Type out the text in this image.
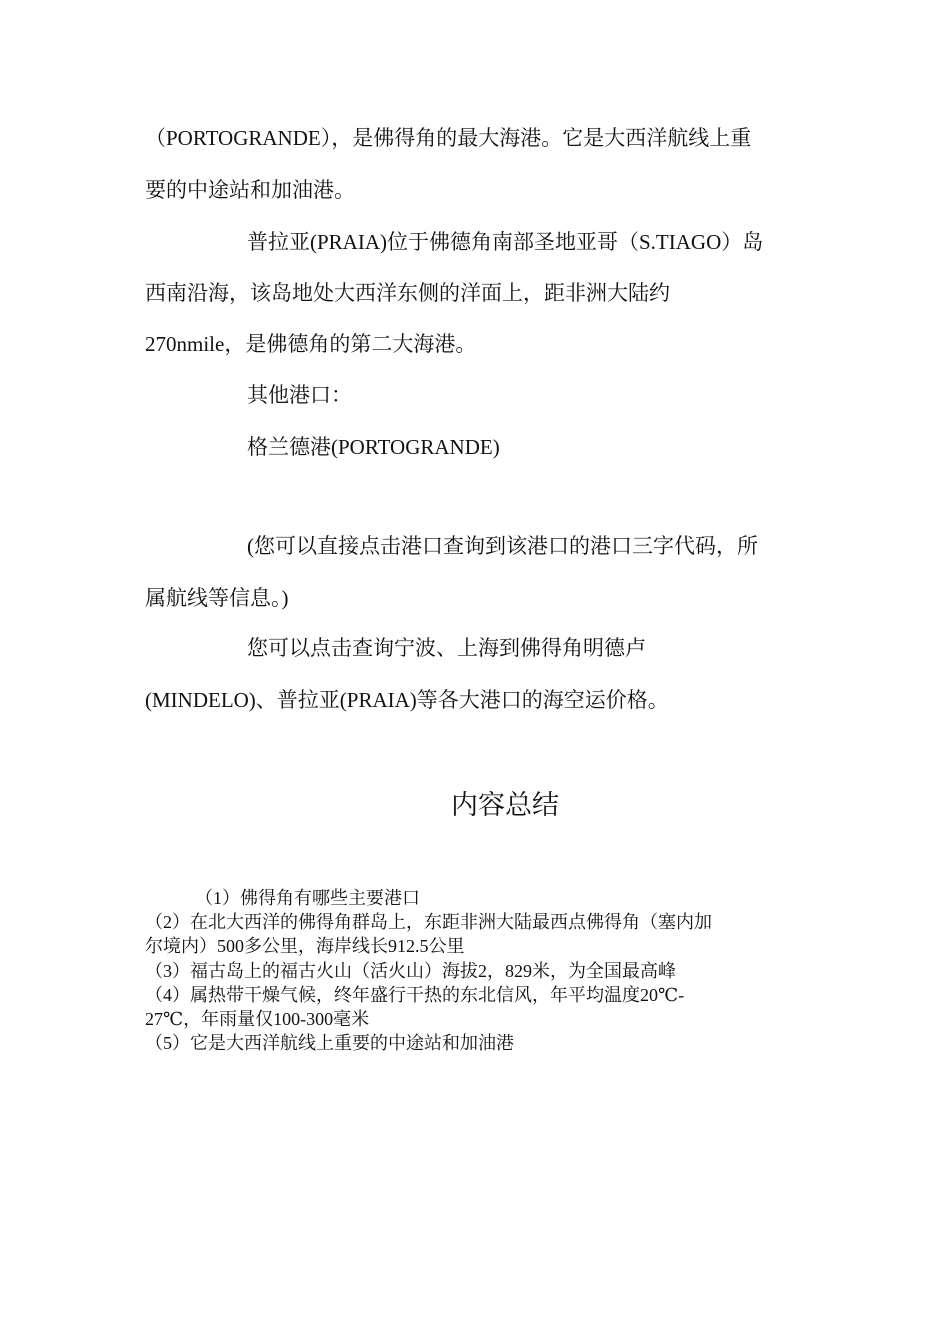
（PORTOGRANDE），是佛得角的最大海港。它是大西洋航线上重
要的中途站和加油港。
普拉亚(PRAIA)位于佛德角南部圣地亚哥（S.TIAGO）岛
西南沿海，该岛地处大西洋东侧的洋面上，距非洲大陆约
270nmile，是佛德角的第二大海港。
其他港口：
格兰德港(PORTOGRANDE)
(您可以直接点击港口查询到该港口的港口三字代码，所
属航线等信息。)
您可以点击查询宁波、上海到佛得角明德卢
(MINDELO)、普拉亚(PRAIA)等各大港口的海空运价格。
内容总结
（1）佛得角有哪些主要港口
（2）在北大西洋的佛得角群岛上，东距非洲大陆最西点佛得角（塞内加
尔境内）500多公里，海岸线长912.5公里
（3）福古岛上的福古火山（活火山）海拔2，829米，为全国最高峰
（4）属热带干燥气候，终年盛行干热的东北信风，年平均温度20℃-
27℃，年雨量仅100-300毫米
（5）它是大西洋航线上重要的中途站和加油港
